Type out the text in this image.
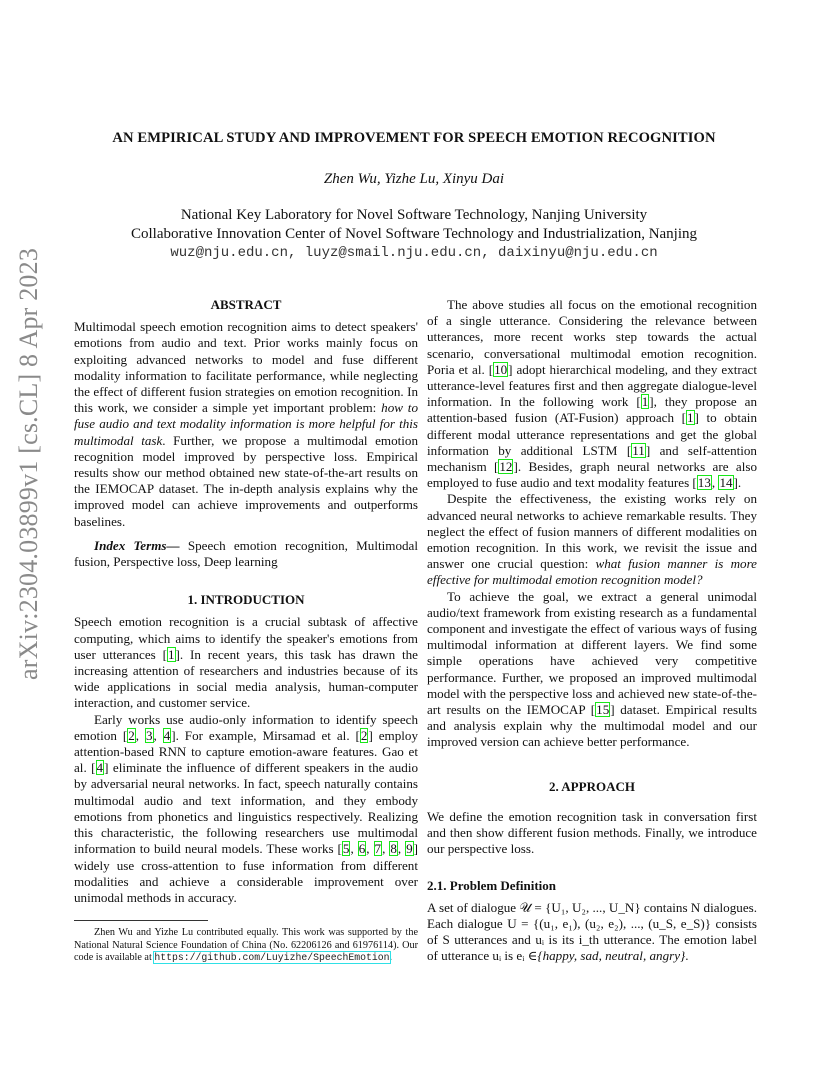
arXiv:2304.03899v1 [cs.CL] 8 Apr 2023
AN EMPIRICAL STUDY AND IMPROVEMENT FOR SPEECH EMOTION RECOGNITION
Zhen Wu, Yizhe Lu, Xinyu Dai
National Key Laboratory for Novel Software Technology, Nanjing University
Collaborative Innovation Center of Novel Software Technology and Industrialization, Nanjing
wuz@nju.edu.cn, luyz@smail.nju.edu.cn, daixinyu@nju.edu.cn
ABSTRACT

Multimodal speech emotion recognition aims to detect speakers' emotions from audio and text. Prior works mainly focus on exploiting advanced networks to model and fuse different modality information to facilitate performance, while neglecting the effect of different fusion strategies on emotion recognition. In this work, we consider a simple yet important problem: how to fuse audio and text modality information is more helpful for this multimodal task. Further, we propose a multimodal emotion recognition model improved by perspective loss. Empirical results show our method obtained new state-of-the-art results on the IEMOCAP dataset. The in-depth analysis explains why the improved model can achieve improvements and outperforms baselines.

Index Terms— Speech emotion recognition, Multimodal fusion, Perspective loss, Deep learning

1. INTRODUCTION

Speech emotion recognition is a crucial subtask of affective computing, which aims to identify the speaker's emotions from user utterances [1]. In recent years, this task has drawn the increasing attention of researchers and industries because of its wide applications in social media analysis, human-computer interaction, and customer service.

Early works use audio-only information to identify speech emotion [2, 3, 4]. For example, Mirsamad et al. [2] employ attention-based RNN to capture emotion-aware features. Gao et al. [4] eliminate the influence of different speakers in the audio by adversarial neural networks. In fact, speech naturally contains multimodal audio and text information, and they embody emotions from phonetics and linguistics respectively. Realizing this characteristic, the following researchers use multimodal information to build neural models. These works [5, 6, 7, 8, 9] widely use cross-attention to fuse information from different modalities and achieve a considerable improvement over unimodal methods in accuracy.

Zhen Wu and Yizhe Lu contributed equally. This work was supported by the National Natural Science Foundation of China (No. 62206126 and 61976114). Our code is available at https://github.com/Luyizhe/SpeechEmotion.

The above studies all focus on the emotional recognition of a single utterance. Considering the relevance between utterances, more recent works step towards the actual scenario, conversational multimodal emotion recognition. Poria et al. [10] adopt hierarchical modeling, and they extract utterance-level features first and then aggregate dialogue-level information. In the following work [1], they propose an attention-based fusion (AT-Fusion) approach [1] to obtain different modal utterance representations and get the global information by additional LSTM [11] and self-attention mechanism [12]. Besides, graph neural networks are also employed to fuse audio and text modality features [13, 14].

Despite the effectiveness, the existing works rely on advanced neural networks to achieve remarkable results. They neglect the effect of fusion manners of different modalities on emotion recognition. In this work, we revisit the issue and answer one crucial question: what fusion manner is more effective for multimodal emotion recognition model?

To achieve the goal, we extract a general unimodal audio/text framework from existing research as a fundamental component and investigate the effect of various ways of fusing multimodal information at different layers. We find some simple operations have achieved very competitive performance. Further, we proposed an improved multimodal model with the perspective loss and achieved new state-of-the-art results on the IEMOCAP [15] dataset. Empirical results and analysis explain why the multimodal model and our improved version can achieve better performance.

2. APPROACH

We define the emotion recognition task in conversation first and then show different fusion methods. Finally, we introduce our perspective loss.

2.1. Problem Definition

A set of dialogue 𝒰 = {U₁, U₂, ..., U_N} contains N dialogues. Each dialogue U = {(u₁, e₁), (u₂, e₂), ..., (u_S, e_S)} consists of S utterances and uᵢ is its i_th utterance. The emotion label of utterance uᵢ is eᵢ ∈{happy, sad, neutral, angry}.
